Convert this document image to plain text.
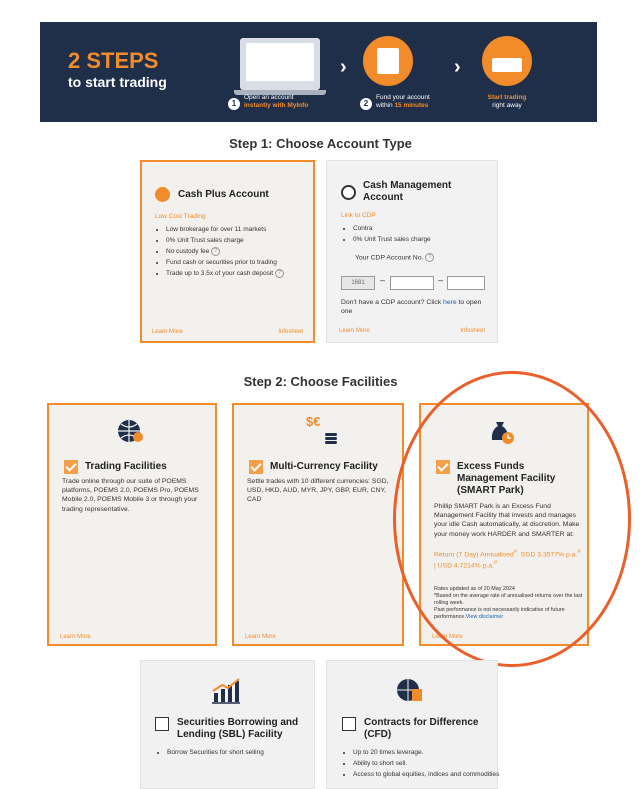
2 STEPS
to start trading
1
Open an account
instantly with MyInfo
›
2
Fund your account
within 15 minutes
›
Start trading
right away
Step 1: Choose Account Type
Cash Plus Account
Low Cost Trading
• Low brokerage for over 11 markets
• 0% Unit Trust sales charge
• No custody fee ?
• Fund cash or securities prior to trading
• Trade up to 3.5x of your cash deposit ?
Learn More	Infosheet
Cash Management Account
Link to CDP
• Contra
• 0% Unit Trust sales charge
Your CDP Account No. ?
1681	–	–
Don't have a CDP account? Click here to open one
Learn More	Infosheet
Step 2: Choose Facilities
Trading Facilities
Trade online through our suite of POEMS platforms, POEMS 2.0, POEMS Pro, POEMS Mobile 2.0, POEMS Mobile 3 or through your trading representative.
Learn More
$€
Multi-Currency Facility
Settle trades with 10 different currencies: SGD, USD, HKD, AUD, MYR, JPY, GBP, EUR, CNY, CAD
Learn More
Excess Funds
Management Facility
(SMART Park)
Phillip SMART Park is an Excess Fund Management Facility that invests and manages your idle Cash automatically, at discretion. Make your money work HARDER and SMARTER at:
Return (7 Day) Annualised#: SGD 3.3577% p.a.# | USD 4.7214% p.a.#
Rates updated as of 20 May 2024
*Based on the average rate of annualised returns over the last rolling week.
Past performance is not necessarily indicative of future performance.View disclaimer
Learn More
Securities Borrowing and Lending (SBL) Facility
• Borrow Securities for short selling
Contracts for Difference (CFD)
• Up to 20 times leverage.
• Ability to short sell.
• Access to global equities, indices and commodities
